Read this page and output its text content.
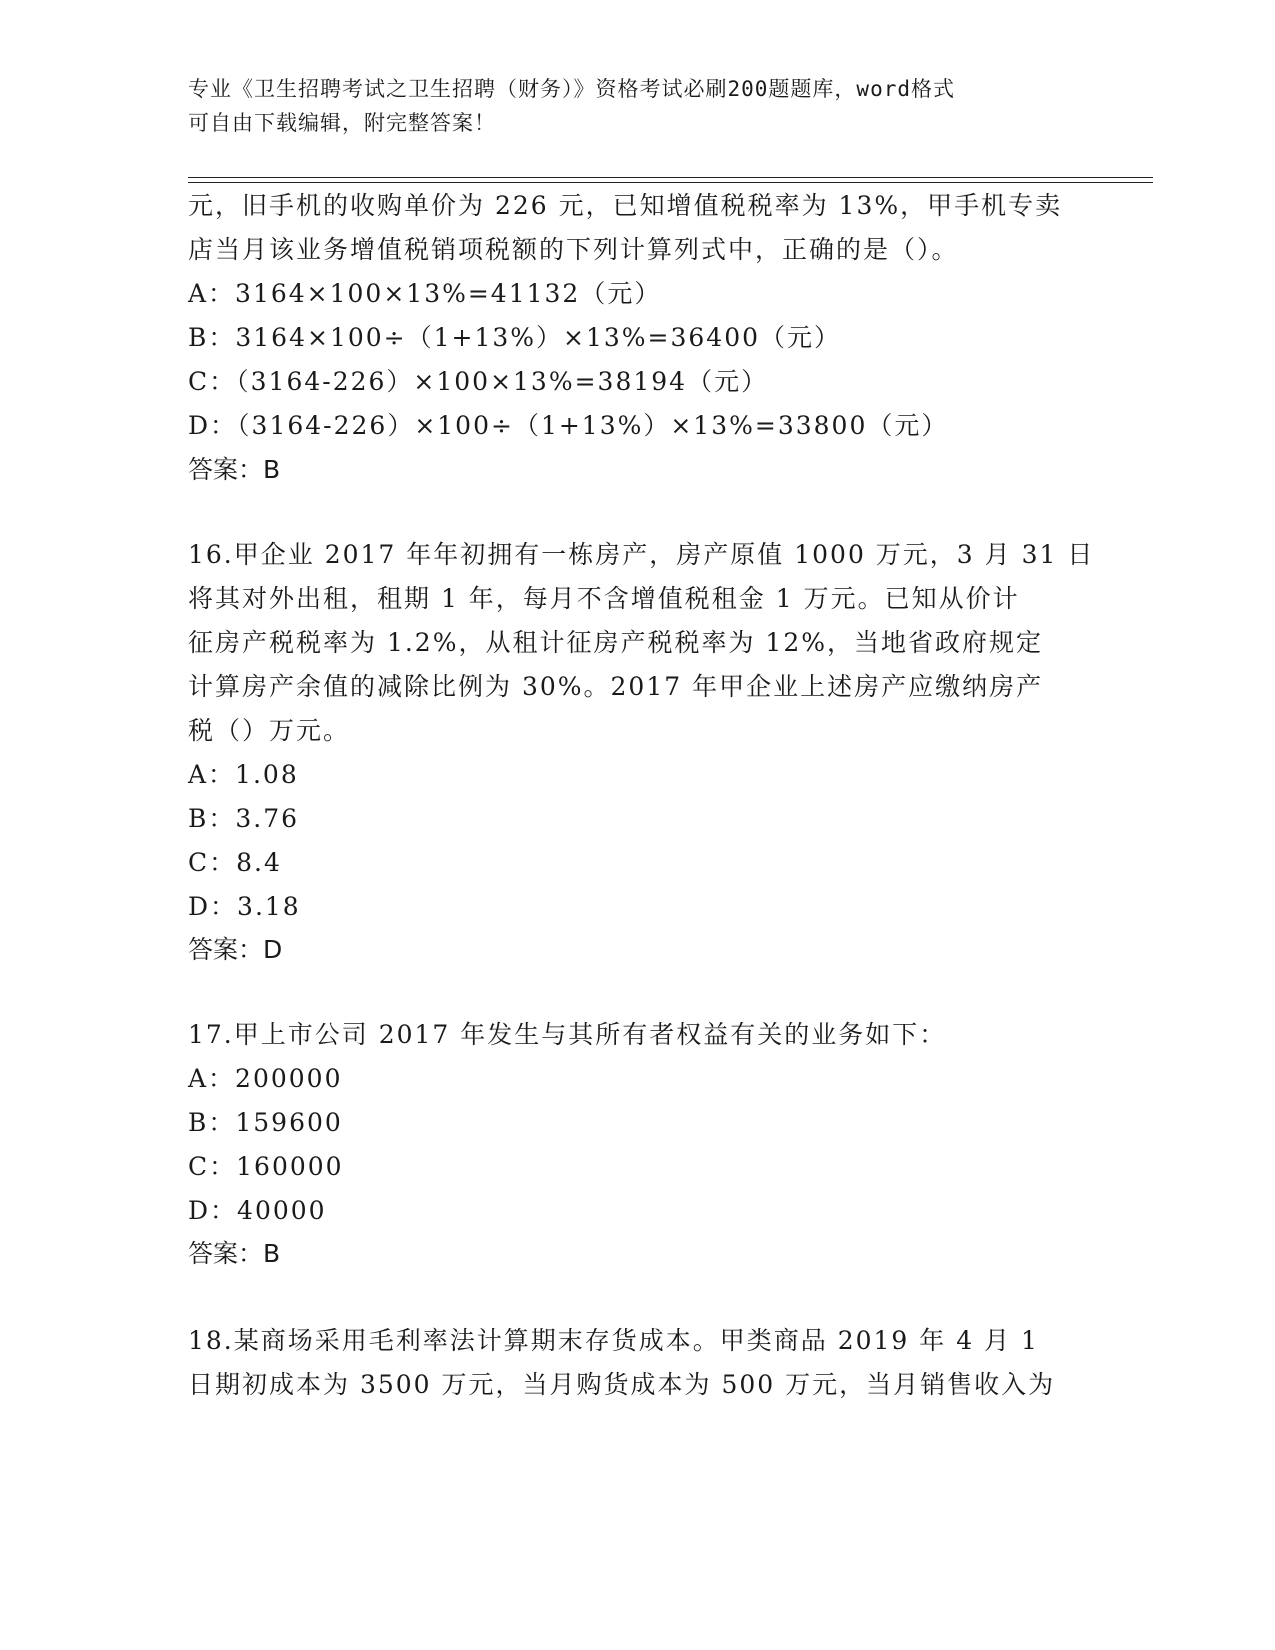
专业《卫生招聘考试之卫生招聘（财务）》资格考试必刷200题题库，word格式
可自由下载编辑，附完整答案！
元，旧手机的收购单价为 226 元，已知增值税税率为 13%，甲手机专卖
店当月该业务增值税销项税额的下列计算列式中，正确的是（）。
A：3164×100×13%=41132（元）
B：3164×100÷（1+13%）×13%=36400（元）
C：（3164-226）×100×13%=38194（元）
D：（3164-226）×100÷（1+13%）×13%=33800（元）
答案：B
16.甲企业 2017 年年初拥有一栋房产，房产原值 1000 万元，3 月 31 日
将其对外出租，租期 1 年，每月不含增值税租金 1 万元。已知从价计
征房产税税率为 1.2%，从租计征房产税税率为 12%，当地省政府规定
计算房产余值的减除比例为 30%。2017 年甲企业上述房产应缴纳房产
税（）万元。
A：1.08
B：3.76
C：8.4
D：3.18
答案：D
17.甲上市公司 2017 年发生与其所有者权益有关的业务如下：
A：200000
B：159600
C：160000
D：40000
答案：B
18.某商场采用毛利率法计算期末存货成本。甲类商品 2019 年 4 月 1
日期初成本为 3500 万元，当月购货成本为 500 万元，当月销售收入为
